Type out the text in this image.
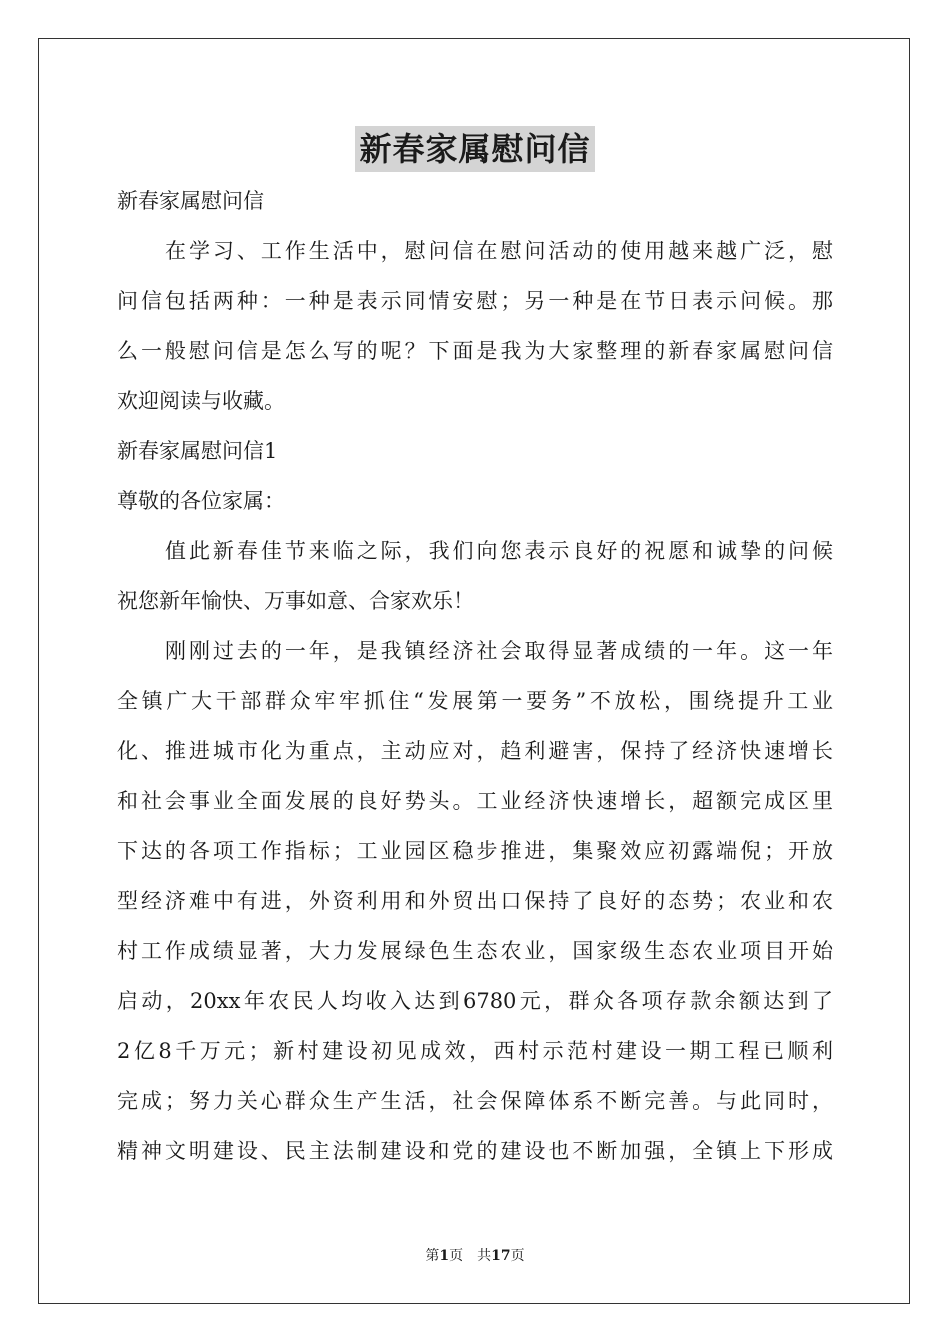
新春家属慰问信

新春家属慰问信

在学习、工作生活中，慰问信在慰问活动的使用越来越广泛，慰

问信包括两种：一种是表示同情安慰；另一种是在节日表示问候。那

么一般慰问信是怎么写的呢？下面是我为大家整理的新春家属慰问信

欢迎阅读与收藏。

新春家属慰问信1

尊敬的各位家属：

值此新春佳节来临之际，我们向您表示良好的祝愿和诚挚的问候

祝您新年愉快、万事如意、合家欢乐！

刚刚过去的一年，是我镇经济社会取得显著成绩的一年。这一年

全镇广大干部群众牢牢抓住“发展第一要务”不放松，围绕提升工业

化、推进城市化为重点，主动应对，趋利避害，保持了经济快速增长

和社会事业全面发展的良好势头。工业经济快速增长，超额完成区里

下达的各项工作指标；工业园区稳步推进，集聚效应初露端倪；开放

型经济难中有进，外资利用和外贸出口保持了良好的态势；农业和农

村工作成绩显著，大力发展绿色生态农业，国家级生态农业项目开始

启动，20xx年农民人均收入达到6780元，群众各项存款余额达到了

2亿8千万元；新村建设初见成效，西村示范村建设一期工程已顺利

完成；努力关心群众生产生活，社会保障体系不断完善。与此同时，

精神文明建设、民主法制建设和党的建设也不断加强，全镇上下形成

第1页　共17页
